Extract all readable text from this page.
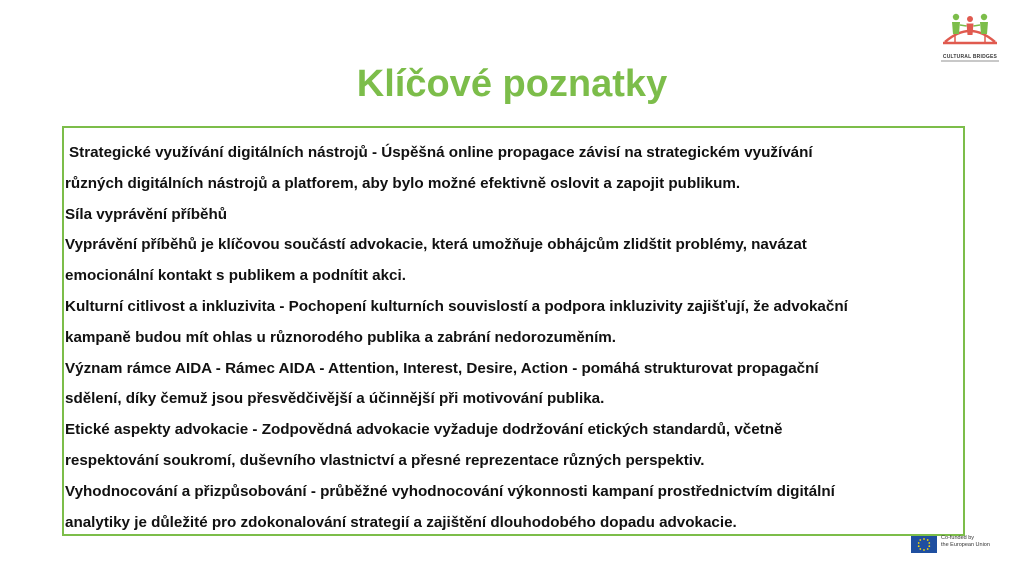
CULTURAL BRIDGES
Klíčové poznatky
Strategické využívání digitálních nástrojů - Úspěšná online propagace závisí na strategickém využívání
různých digitálních nástrojů a platforem, aby bylo možné efektivně oslovit a zapojit publikum.
Síla vyprávění příběhů
Vyprávění příběhů je klíčovou součástí advokacie, která umožňuje obhájcům zlidštit problémy, navázat
emocionální kontakt s publikem a podnítit akci.
Kulturní citlivost a inkluzivita - Pochopení kulturních souvislostí a podpora inkluzivity zajišťují, že advokační
kampaně budou mít ohlas u různorodého publika a zabrání nedorozuměním.
Význam rámce AIDA - Rámec AIDA - Attention, Interest, Desire, Action - pomáhá strukturovat propagační
sdělení, díky čemuž jsou přesvědčivější a účinnější při motivování publika.
Etické aspekty advokacie - Zodpovědná advokacie vyžaduje dodržování etických standardů, včetně
respektování soukromí, duševního vlastnictví a přesné reprezentace různých perspektiv.
Vyhodnocování a přizpůsobování - průběžné vyhodnocování výkonnosti kampaní prostřednictvím digitální
analytiky je důležité pro zdokonalování strategií a zajištění dlouhodobého dopadu advokacie.
Co-funded by
the European Union
